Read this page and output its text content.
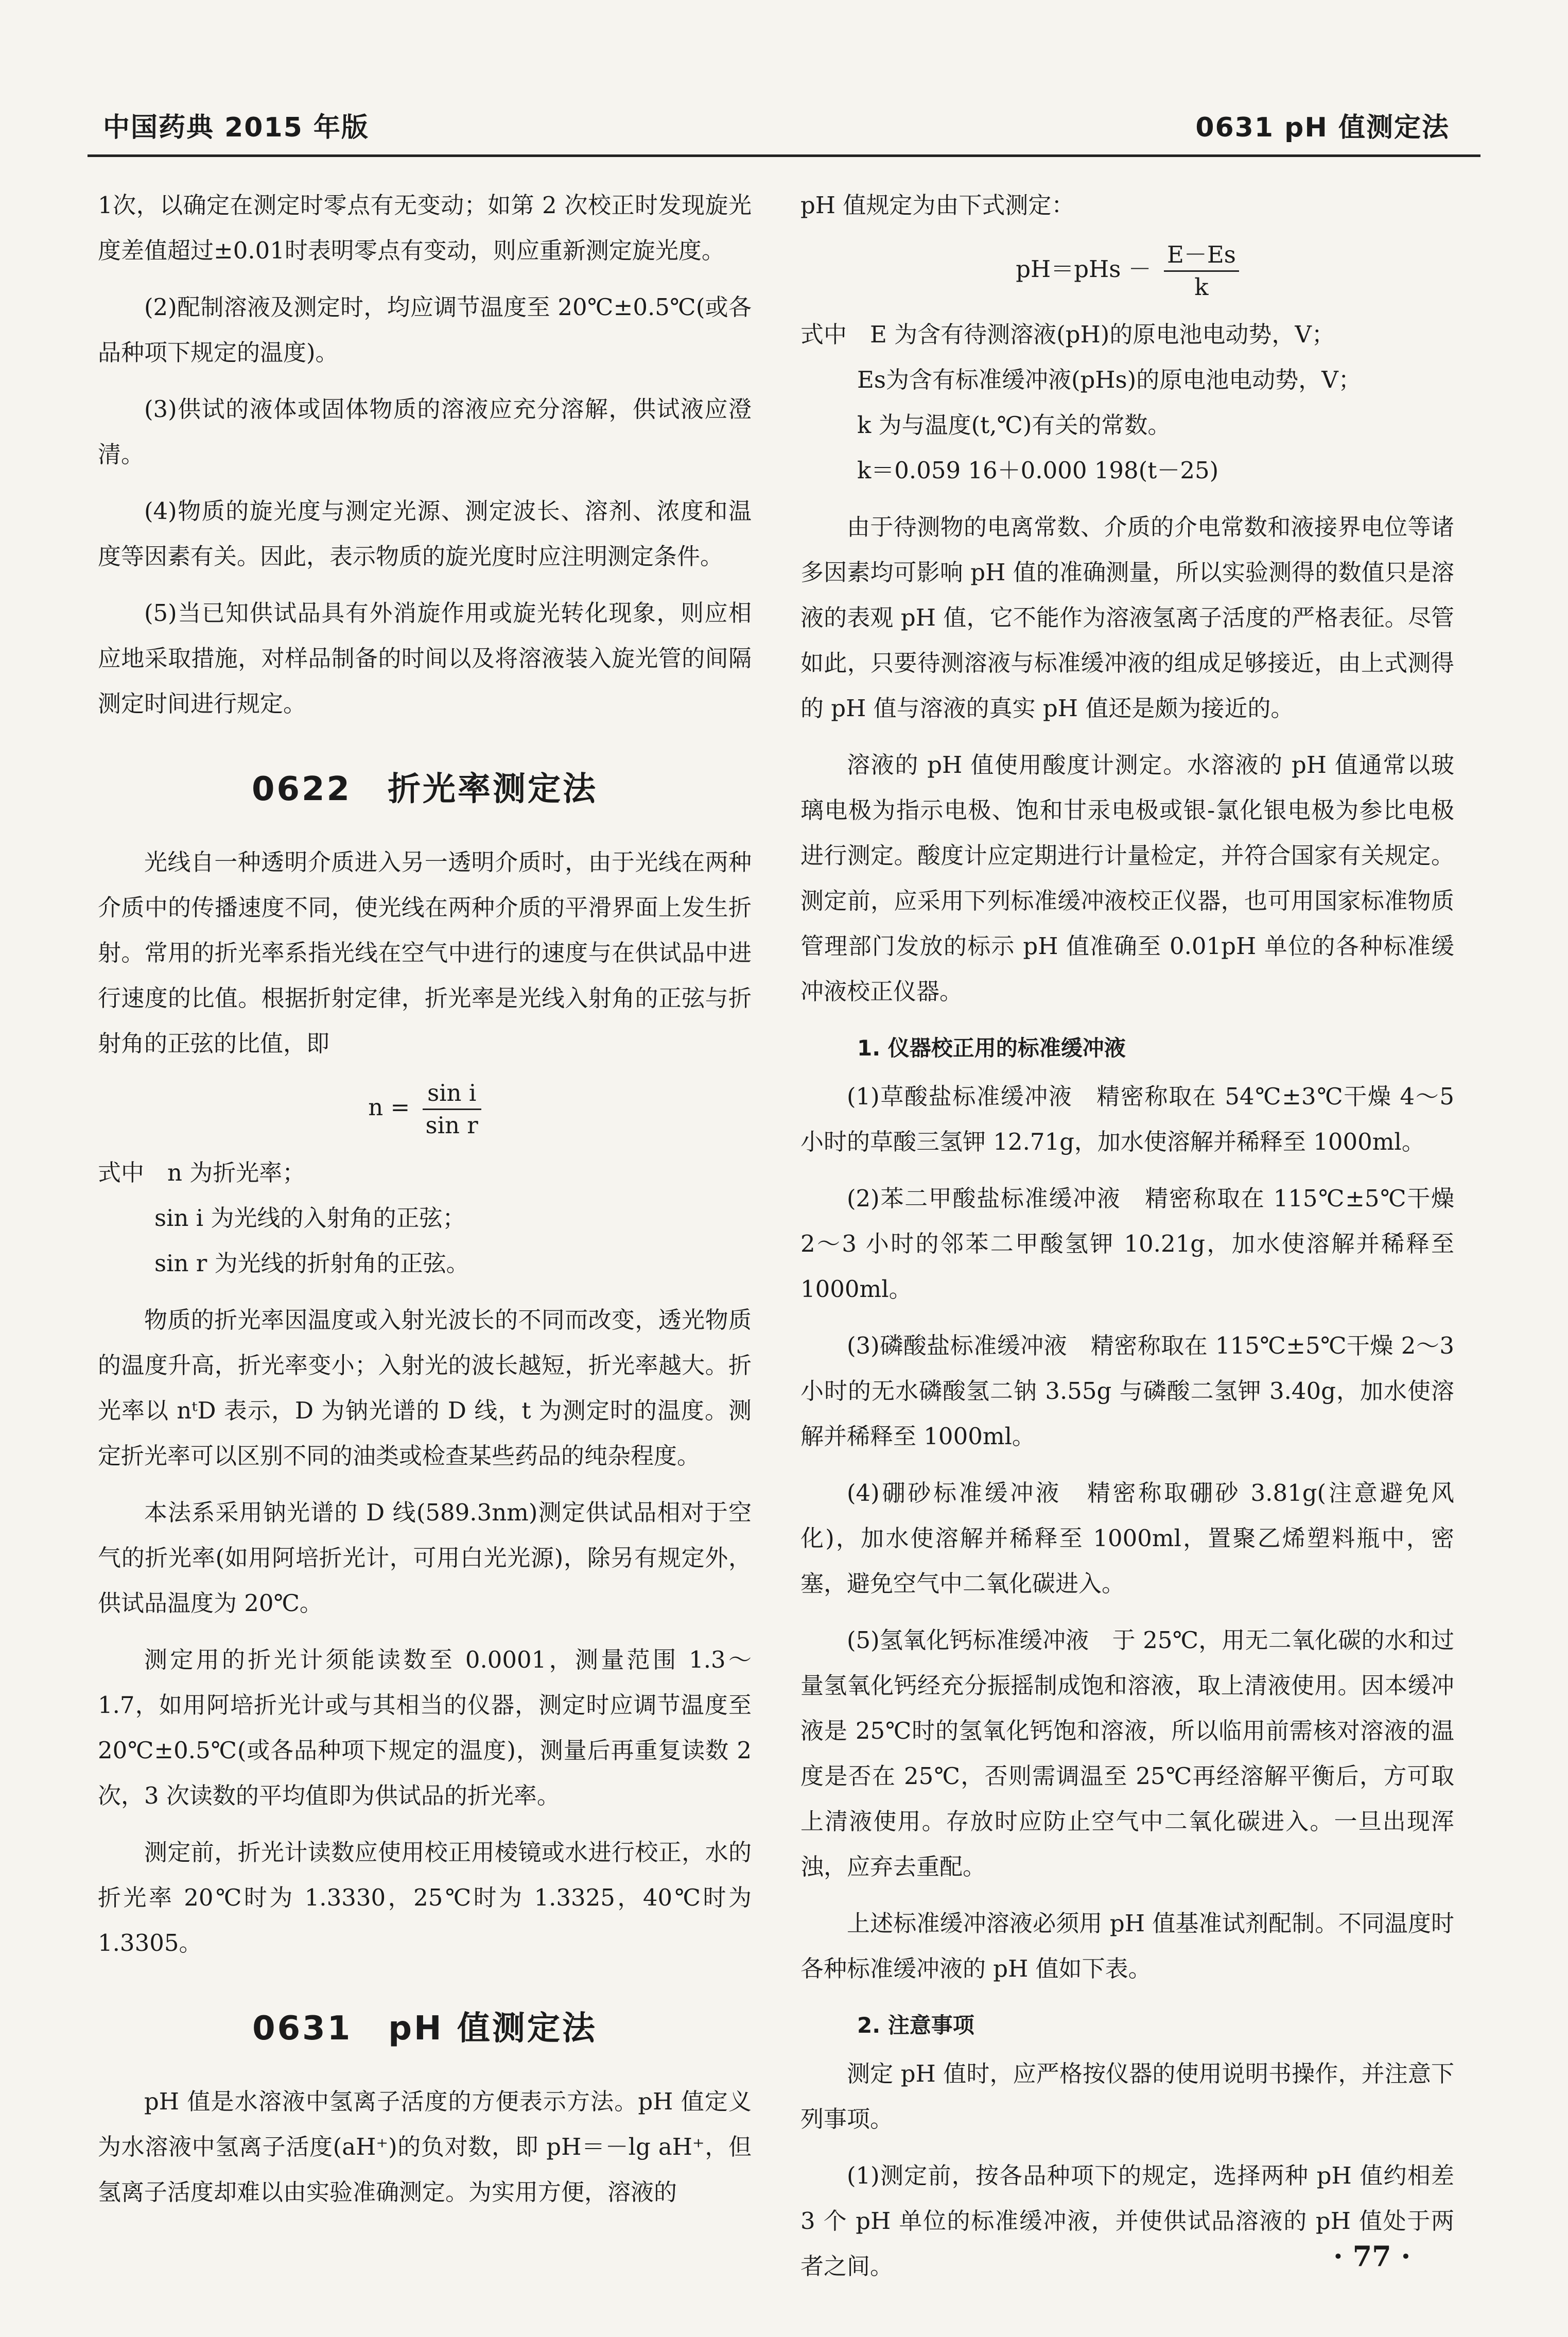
中国药典 2015 年版	0631 pH 值测定法

1次，以确定在测定时零点有无变动；如第 2 次校正时发现旋光度差值超过±0.01时表明零点有变动，则应重新测定旋光度。

(2)配制溶液及测定时，均应调节温度至 20℃±0.5℃(或各品种项下规定的温度)。

(3)供试的液体或固体物质的溶液应充分溶解，供试液应澄清。

(4)物质的旋光度与测定光源、测定波长、溶剂、浓度和温度等因素有关。因此，表示物质的旋光度时应注明测定条件。

(5)当已知供试品具有外消旋作用或旋光转化现象，则应相应地采取措施，对样品制备的时间以及将溶液装入旋光管的间隔测定时间进行规定。

0622 折光率测定法

光线自一种透明介质进入另一透明介质时，由于光线在两种介质中的传播速度不同，使光线在两种介质的平滑界面上发生折射。常用的折光率系指光线在空气中进行的速度与在供试品中进行速度的比值。根据折射定律，折光率是光线入射角的正弦与折射角的正弦的比值，即

$n = \frac{\text{sin i}}{\text{sin r}}$

式中　n 为折光率；

sin i 为光线的入射角的正弦；

sin r 为光线的折射角的正弦。

物质的折光率因温度或入射光波长的不同而改变，透光物质的温度升高，折光率变小；入射光的波长越短，折光率越大。折光率以 nᵗD 表示，D 为钠光谱的 D 线，t 为测定时的温度。测定折光率可以区别不同的油类或检查某些药品的纯杂程度。

本法系采用钠光谱的 D 线(589.3nm)测定供试品相对于空气的折光率(如用阿培折光计，可用白光光源)，除另有规定外，供试品温度为 20℃。

测定用的折光计须能读数至 0.0001，测量范围 1.3～1.7，如用阿培折光计或与其相当的仪器，测定时应调节温度至 20℃±0.5℃(或各品种项下规定的温度)，测量后再重复读数 2 次，3 次读数的平均值即为供试品的折光率。

测定前，折光计读数应使用校正用棱镜或水进行校正，水的折光率 20℃时为 1.3330，25℃时为 1.3325，40℃时为 1.3305。

0631 pH 值测定法

pH 值是水溶液中氢离子活度的方便表示方法。pH 值定义为水溶液中氢离子活度(aH⁺)的负对数，即 pH＝－lg aH⁺，但氢离子活度却难以由实验准确测定。为实用方便，溶液的

pH 值规定为由下式测定：

$pH=pHs - \frac{E-Es}{k}$

式中　E 为含有待测溶液(pH)的原电池电动势，V；

Es为含有标准缓冲液(pHs)的原电池电动势，V；

k 为与温度(t,℃)有关的常数。

k＝0.059 16＋0.000 198(t－25)

由于待测物的电离常数、介质的介电常数和液接界电位等诸多因素均可影响 pH 值的准确测量，所以实验测得的数值只是溶液的表观 pH 值，它不能作为溶液氢离子活度的严格表征。尽管如此，只要待测溶液与标准缓冲液的组成足够接近，由上式测得的 pH 值与溶液的真实 pH 值还是颇为接近的。

溶液的 pH 值使用酸度计测定。水溶液的 pH 值通常以玻璃电极为指示电极、饱和甘汞电极或银-氯化银电极为参比电极进行测定。酸度计应定期进行计量检定，并符合国家有关规定。测定前，应采用下列标准缓冲液校正仪器，也可用国家标准物质管理部门发放的标示 pH 值准确至 0.01pH 单位的各种标准缓冲液校正仪器。

1. 仪器校正用的标准缓冲液

(1)草酸盐标准缓冲液　精密称取在 54℃±3℃干燥 4～5小时的草酸三氢钾 12.71g，加水使溶解并稀释至 1000ml。

(2)苯二甲酸盐标准缓冲液　精密称取在 115℃±5℃干燥 2～3 小时的邻苯二甲酸氢钾 10.21g，加水使溶解并稀释至 1000ml。

(3)磷酸盐标准缓冲液　精密称取在 115℃±5℃干燥 2～3小时的无水磷酸氢二钠 3.55g 与磷酸二氢钾 3.40g，加水使溶解并稀释至 1000ml。

(4)硼砂标准缓冲液　精密称取硼砂 3.81g(注意避免风化)，加水使溶解并稀释至 1000ml，置聚乙烯塑料瓶中，密塞，避免空气中二氧化碳进入。

(5)氢氧化钙标准缓冲液　于 25℃，用无二氧化碳的水和过量氢氧化钙经充分振摇制成饱和溶液，取上清液使用。因本缓冲液是 25℃时的氢氧化钙饱和溶液，所以临用前需核对溶液的温度是否在 25℃，否则需调温至 25℃再经溶解平衡后，方可取上清液使用。存放时应防止空气中二氧化碳进入。一旦出现浑浊，应弃去重配。

上述标准缓冲溶液必须用 pH 值基准试剂配制。不同温度时各种标准缓冲液的 pH 值如下表。

2. 注意事项

测定 pH 值时，应严格按仪器的使用说明书操作，并注意下列事项。

(1)测定前，按各品种项下的规定，选择两种 pH 值约相差 3 个 pH 单位的标准缓冲液，并使供试品溶液的 pH 值处于两者之间。	· 77 ·
